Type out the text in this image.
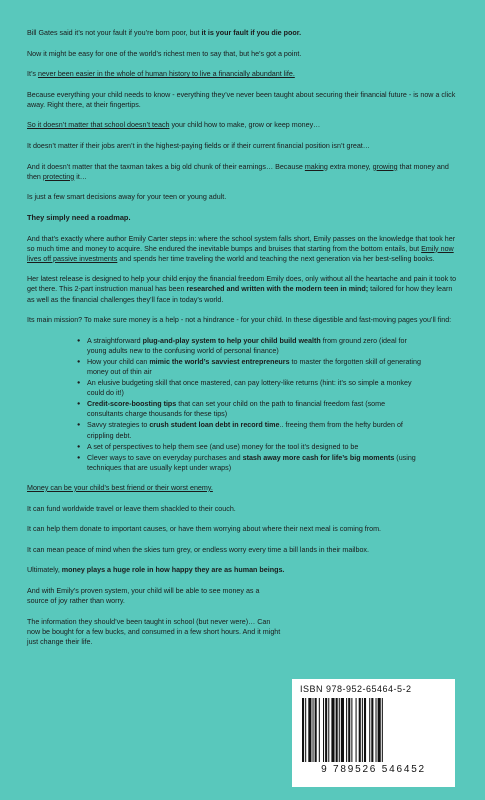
Bill Gates said it’s not your fault if you’re born poor, but it is your fault if you die poor.

Now it might be easy for one of the world’s richest men to say that, but he’s got a point.

It’s never been easier in the whole of human history to live a financially abundant life.

Because everything your child needs to know - everything they’ve never been taught about securing their financial future - is now a click away. Right there, at their fingertips.

So it doesn’t matter that school doesn’t teach your child how to make, grow or keep money…

It doesn’t matter if their jobs aren’t in the highest-paying fields or if their current financial position isn’t great…

And it doesn’t matter that the taxman takes a big old chunk of their earnings… Because making extra money, growing that money and then protecting it…

Is just a few smart decisions away for your teen or young adult.

They simply need a roadmap.

And that’s exactly where author Emily Carter steps in: where the school system falls short, Emily passes on the knowledge that took her so much time and money to acquire. She endured the inevitable bumps and bruises that starting from the bottom entails, but Emily now lives off passive investments and spends her time traveling the world and teaching the next generation via her best-selling books.

Her latest release is designed to help your child enjoy the financial freedom Emily does, only without all the heartache and pain it took to get there. This 2-part instruction manual has been researched and written with the modern teen in mind; tailored for how they learn as well as the financial challenges they’ll face in today’s world.

Its main mission? To make sure money is a help - not a hindrance - for your child. In these digestible and fast-moving pages you’ll find:

● A straightforward plug-and-play system to help your child build wealth from ground zero (ideal for young adults new to the confusing world of personal finance)
● How your child can mimic the world’s savviest entrepreneurs to master the forgotten skill of generating money out of thin air
● An elusive budgeting skill that once mastered, can pay lottery-like returns (hint: it’s so simple a monkey could do it!)
● Credit-score-boosting tips that can set your child on the path to financial freedom fast (some consultants charge thousands for these tips)
● Savvy strategies to crush student loan debt in record time.. freeing them from the hefty burden of crippling debt.
● A set of perspectives to help them see (and use) money for the tool it’s designed to be
● Clever ways to save on everyday purchases and stash away more cash for life’s big moments (using techniques that are usually kept under wraps)

Money can be your child’s best friend or their worst enemy.

It can fund worldwide travel or leave them shackled to their couch.

It can help them donate to important causes, or have them worrying about where their next meal is coming from.

It can mean peace of mind when the skies turn grey, or endless worry every time a bill lands in their mailbox.

Ultimately, money plays a huge role in how happy they are as human beings.

And with Emily’s proven system, your child will be able to see money as a source of joy rather than worry.

The information they should’ve been taught in school (but never were)… Can now be bought for a few bucks, and consumed in a few short hours. And it might just change their life.

ISBN 978-952-65464-5-2
9 789526 546452
